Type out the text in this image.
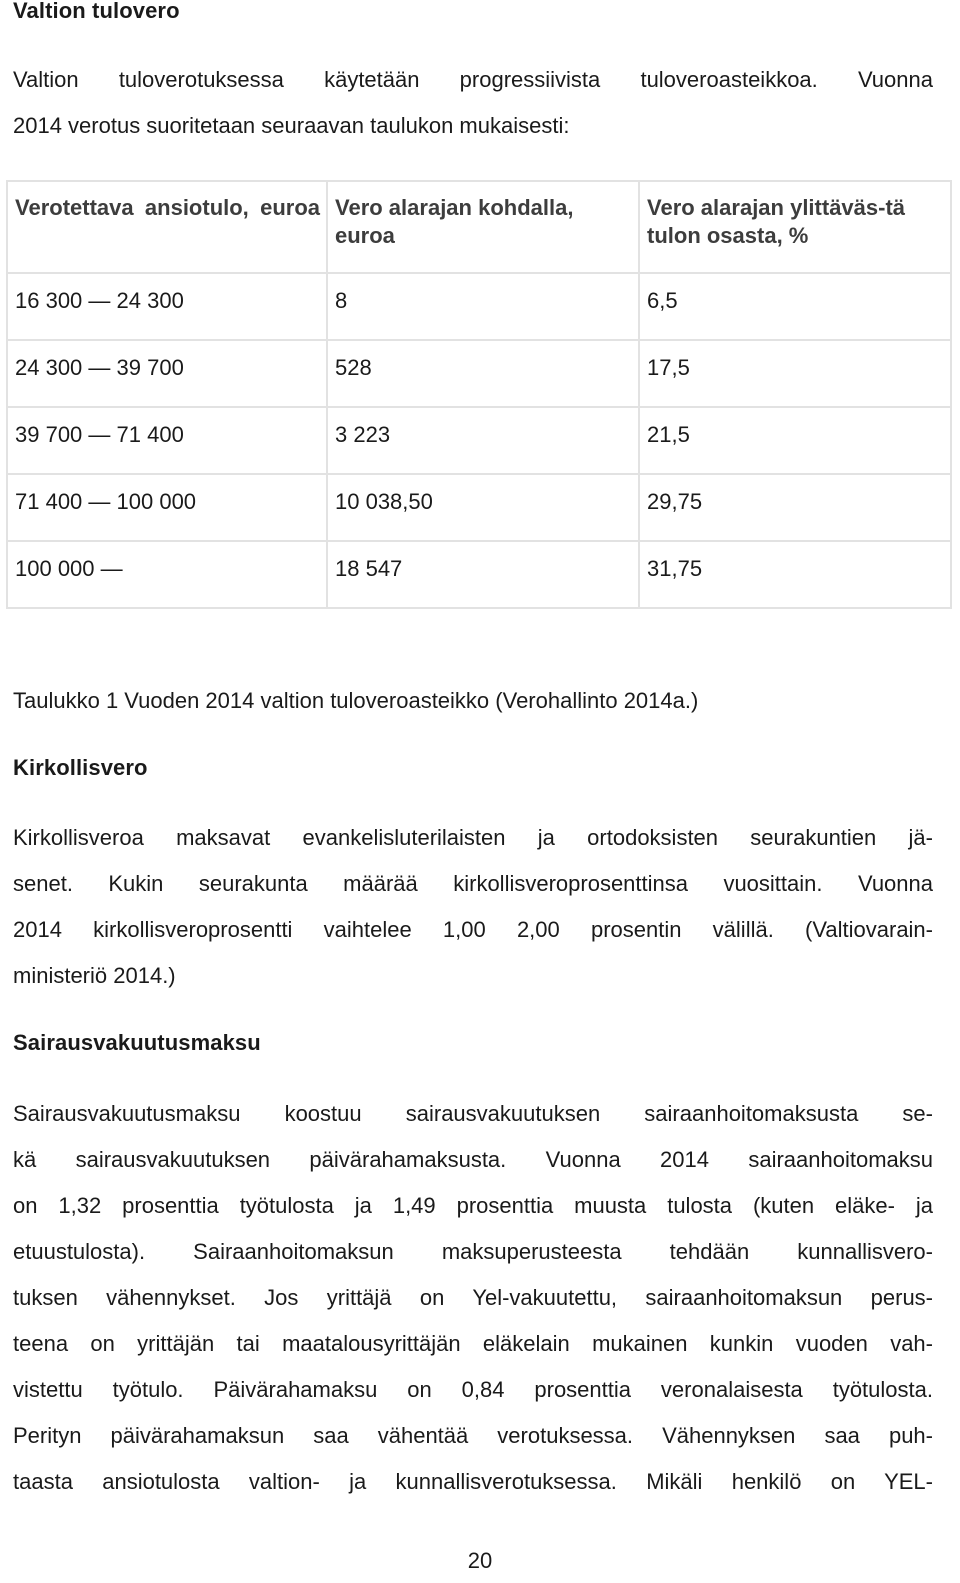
Valtion tulovero
Valtion tuloverotuksessa käytetään progressiivista tuloveroasteikkoa. Vuonna
2014 verotus suoritetaan seuraavan taulukon mukaisesti:
Verotettava ansiotulo, euroa	Vero alarajan kohdalla, euroa	Vero alarajan ylittäväs-tä tulon osasta, %
16 300 — 24 300	8	6,5
24 300 — 39 700	528	17,5
39 700 — 71 400	3 223	21,5
71 400 — 100 000	10 038,50	29,75
100 000 —	18 547	31,75

Taulukko 1 Vuoden 2014 valtion tuloveroasteikko (Verohallinto 2014a.)

Kirkollisvero
Kirkollisveroa maksavat evankelisluterilaisten ja ortodoksisten seurakuntien jä-
senet. Kukin seurakunta määrää kirkollisveroprosenttinsa vuosittain. Vuonna
2014 kirkollisveroprosentti vaihtelee 1,00 2,00 prosentin välillä. (Valtiovarain-
ministeriö 2014.)
Sairausvakuutusmaksu
Sairausvakuutusmaksu koostuu sairausvakuutuksen sairaanhoitomaksusta se-
kä sairausvakuutuksen päivärahamaksusta. Vuonna 2014 sairaanhoitomaksu
on 1,32 prosenttia työtulosta ja 1,49 prosenttia muusta tulosta (kuten eläke- ja
etuustulosta). Sairaanhoitomaksun maksuperusteesta tehdään kunnallisvero-
tuksen vähennykset. Jos yrittäjä on Yel-vakuutettu, sairaanhoitomaksun perus-
teena on yrittäjän tai maatalousyrittäjän eläkelain mukainen kunkin vuoden vah-
vistettu työtulo. Päivärahamaksu on 0,84 prosenttia veronalaisesta työtulosta.
Perityn päivärahamaksun saa vähentää verotuksessa. Vähennyksen saa puh-
taasta ansiotulosta valtion- ja kunnallisverotuksessa. Mikäli henkilö on YEL-
20
